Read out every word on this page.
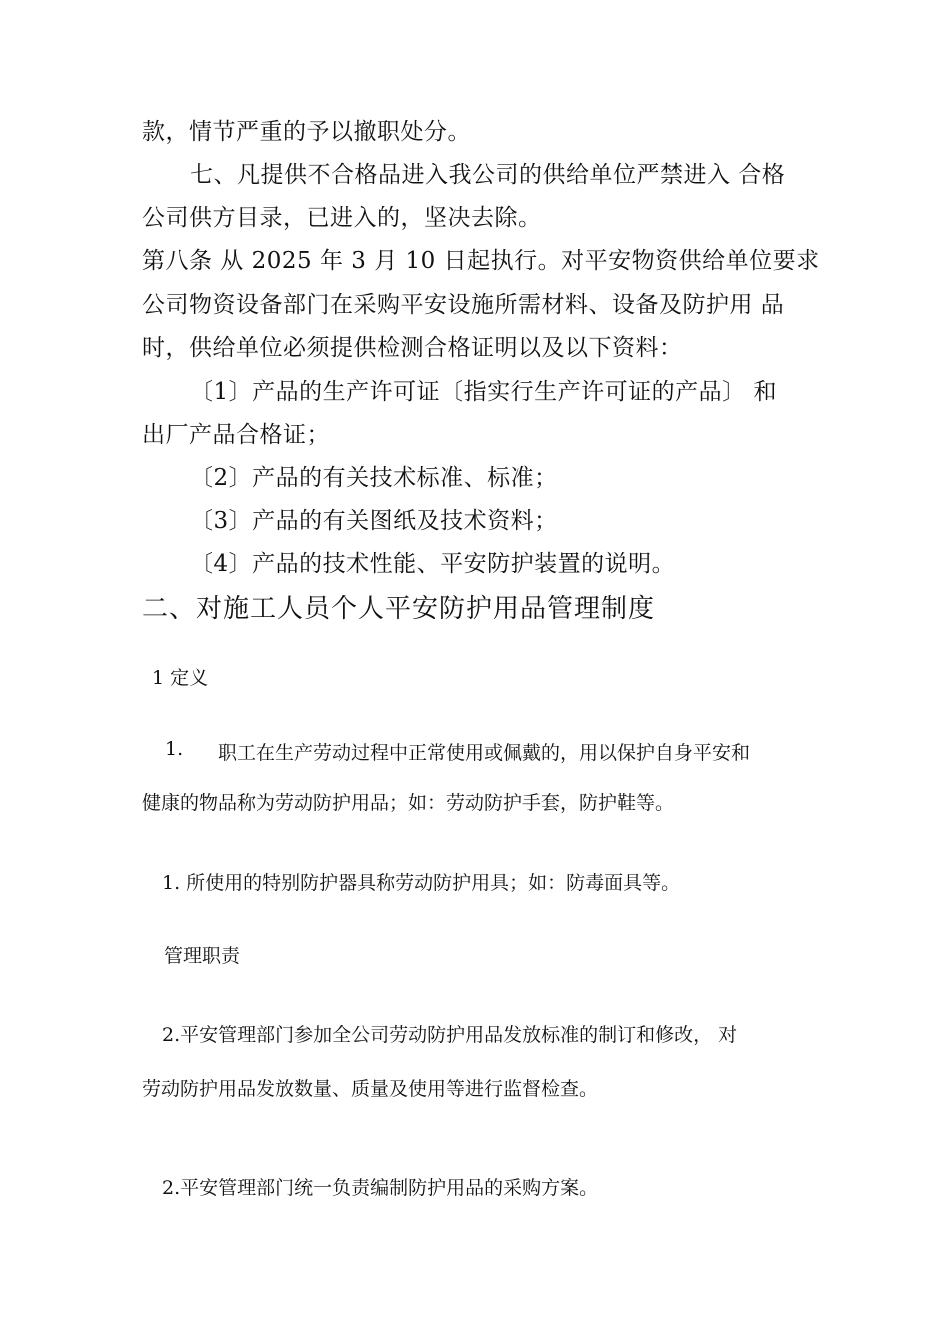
款，情节严重的予以撤职处分。
七、凡提供不合格品进入我公司的供给单位严禁进入 合格
公司供方目录，已进入的，坚决去除。
第八条 从 2025 年 3 月 10 日起执行。对平安物资供给单位要求
公司物资设备部门在采购平安设施所需材料、设备及防护用 品
时，供给单位必须提供检测合格证明以及以下资料：
〔1〕产品的生产许可证〔指实行生产许可证的产品〕 和
出厂产品合格证；
〔2〕产品的有关技术标准、标准；
〔3〕产品的有关图纸及技术资料；
〔4〕产品的技术性能、平安防护装置的说明。
二、对施工人员个人平安防护用品管理制度
1 定义
1. 职工在生产劳动过程中正常使用或佩戴的，用以保护自身平安和
健康的物品称为劳动防护用品；如：劳动防护手套，防护鞋等。
1. 所使用的特别防护器具称劳动防护用具；如：防毒面具等。
管理职责
2.平安管理部门参加全公司劳动防护用品发放标准的制订和修改， 对
劳动防护用品发放数量、质量及使用等进行监督检查。
2.平安管理部门统一负责编制防护用品的采购方案。
